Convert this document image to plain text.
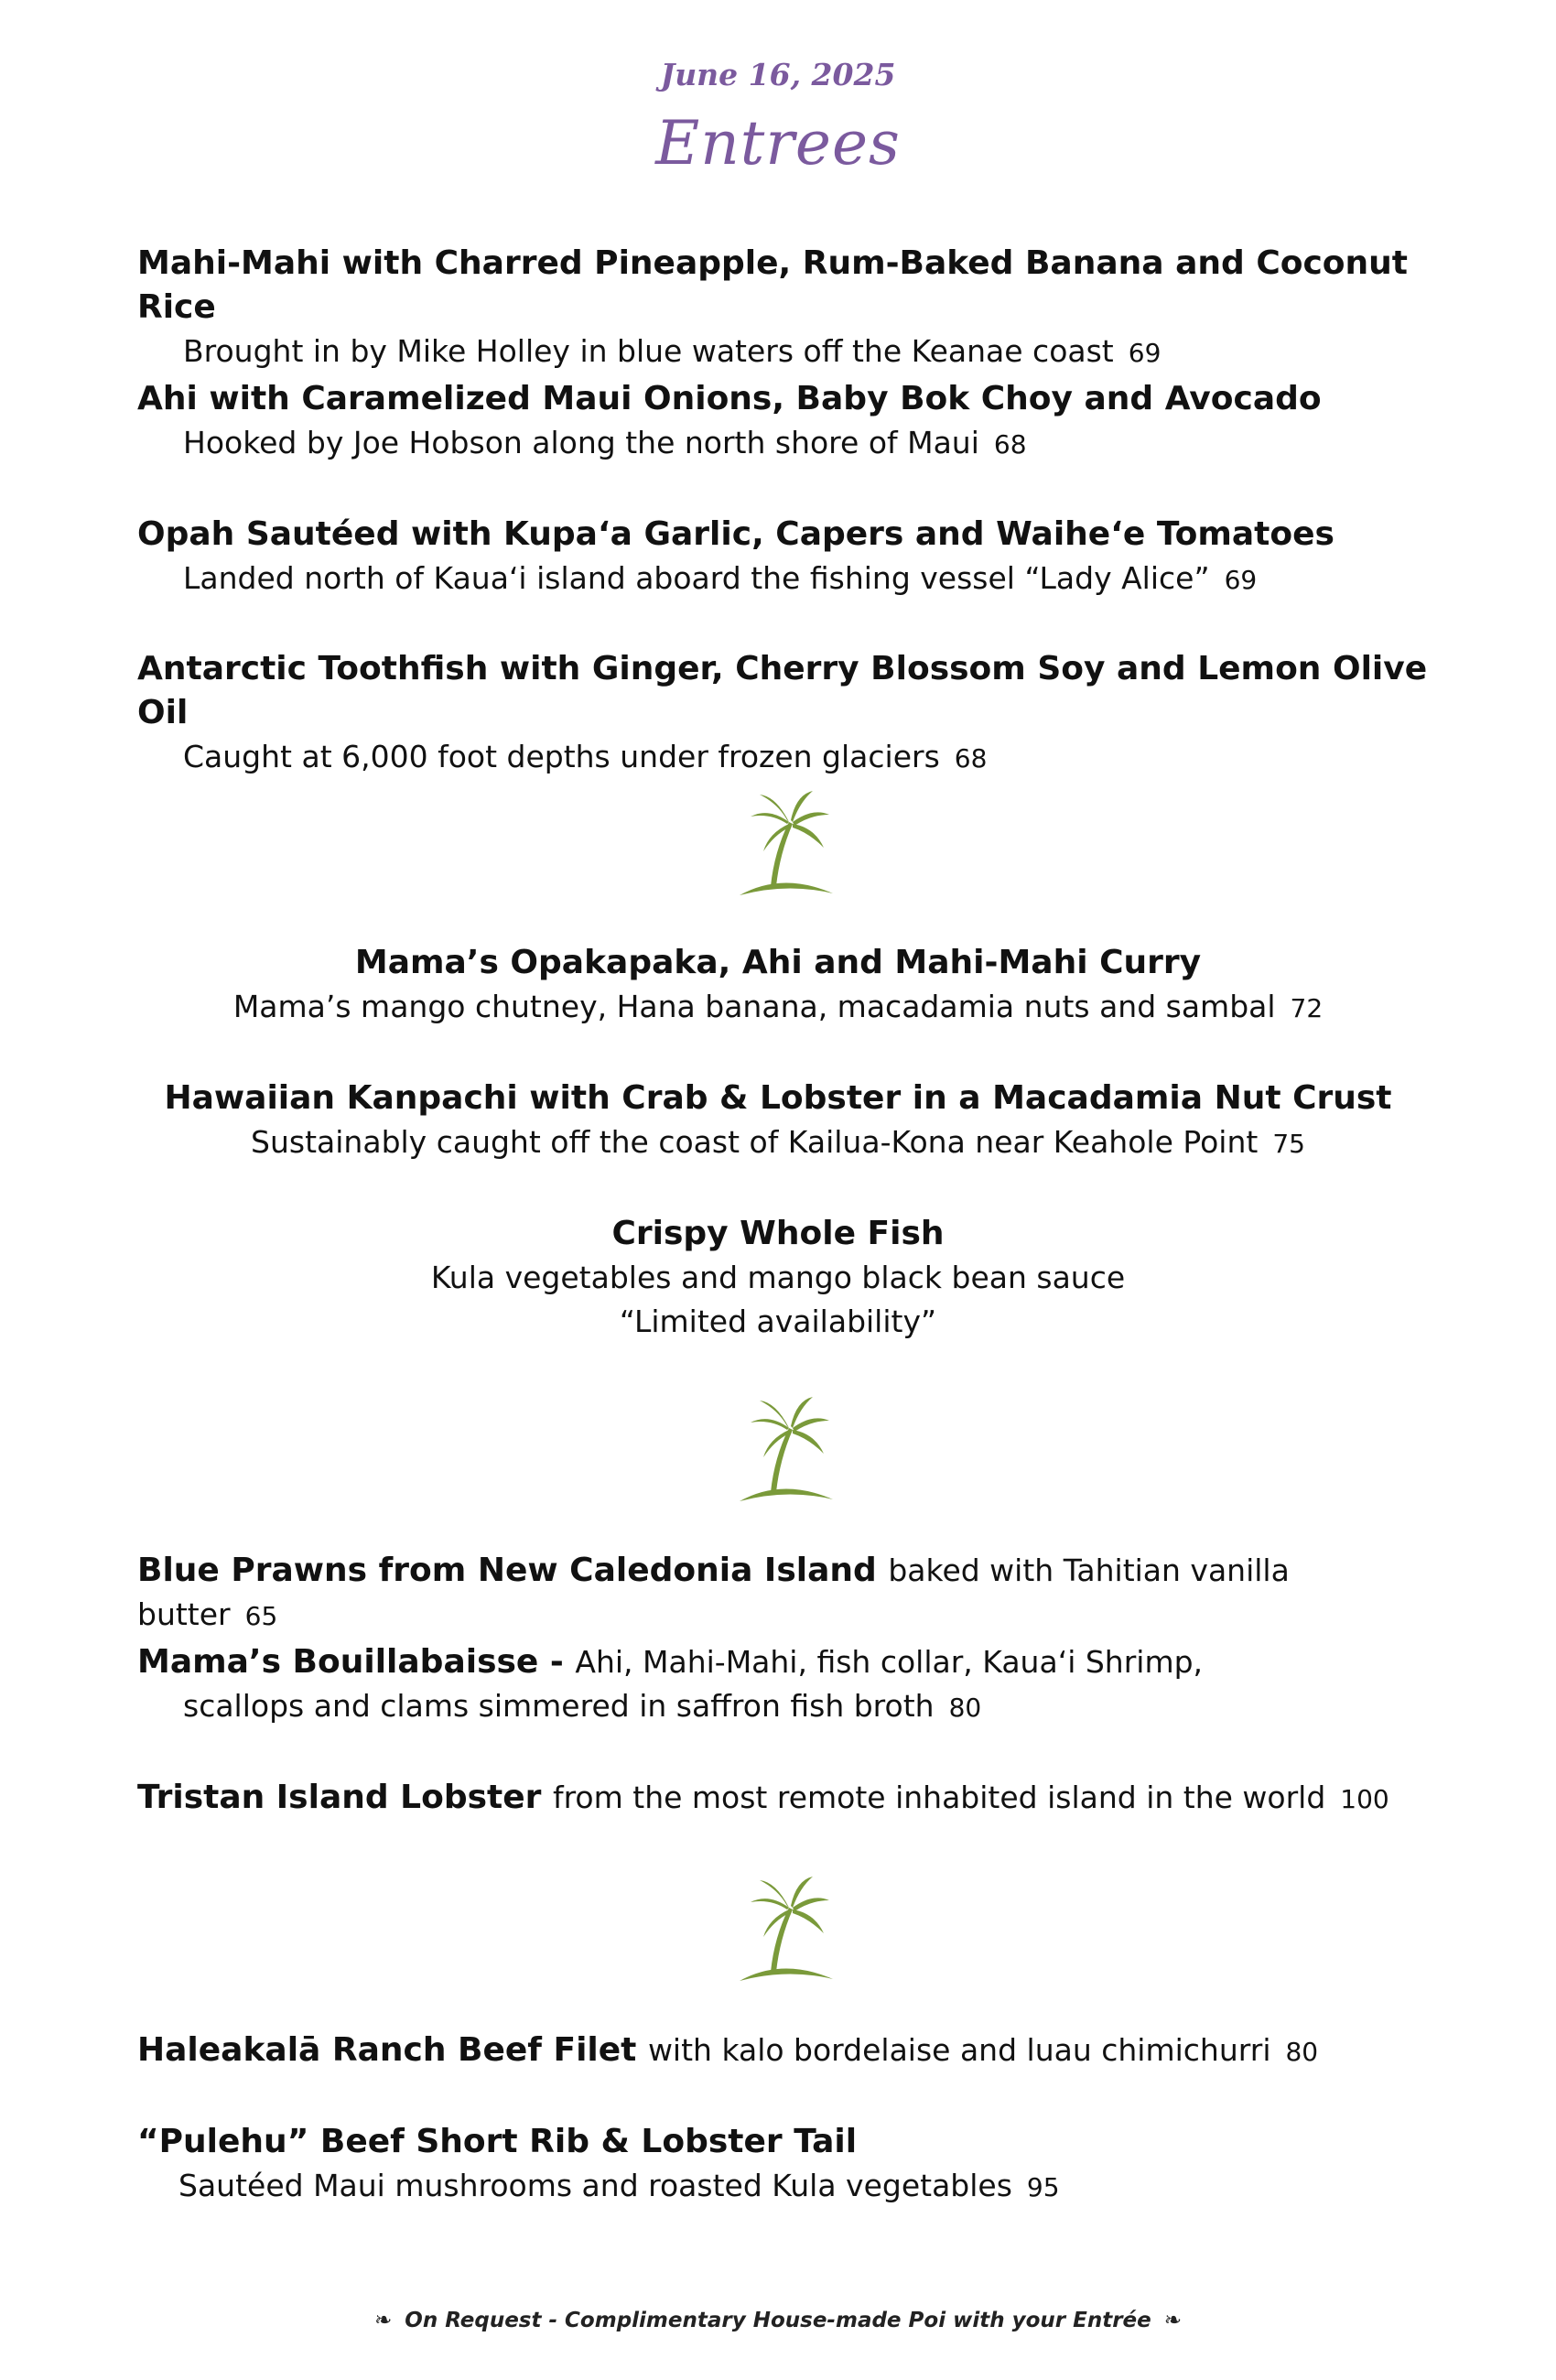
June 16, 2025
Entrees
Mahi-Mahi with Charred Pineapple, Rum-Baked Banana and Coconut Rice
Brought in by Mike Holley in blue waters off the Keanae coast 69
Ahi with Caramelized Maui Onions, Baby Bok Choy and Avocado
Hooked by Joe Hobson along the north shore of Maui 68
Opah Sautéed with Kupaʻa Garlic, Capers and Waiheʻe Tomatoes
Landed north of Kauaʻi island aboard the fishing vessel “Lady Alice” 69
Antarctic Toothfish with Ginger, Cherry Blossom Soy and Lemon Olive Oil
Caught at 6,000 foot depths under frozen glaciers 68
Mama’s Opakapaka, Ahi and Mahi-Mahi Curry
Mama’s mango chutney, Hana banana, macadamia nuts and sambal 72
Hawaiian Kanpachi with Crab & Lobster in a Macadamia Nut Crust
Sustainably caught off the coast of Kailua-Kona near Keahole Point 75
Crispy Whole Fish
Kula vegetables and mango black bean sauce
“Limited availability”
Blue Prawns from New Caledonia Island baked with Tahitian vanilla butter 65
Mama’s Bouillabaisse - Ahi, Mahi-Mahi, fish collar, Kauaʻi Shrimp,
scallops and clams simmered in saffron fish broth 80
Tristan Island Lobster from the most remote inhabited island in the world 100
Haleakalā Ranch Beef Filet with kalo bordelaise and luau chimichurri 80
“Pulehu” Beef Short Rib & Lobster Tail
Sautéed Maui mushrooms and roasted Kula vegetables 95
❧ On Request - Complimentary House-made Poi with your Entrée ❧
